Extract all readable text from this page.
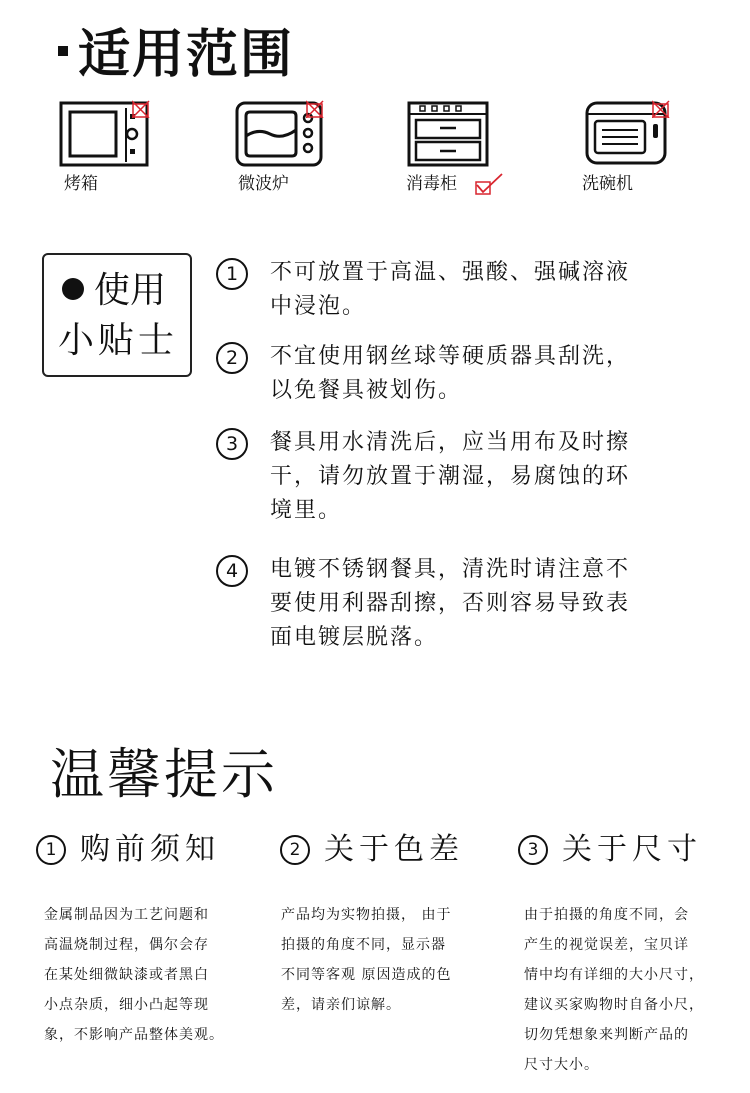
适用范围
烤箱	微波炉	消毒柜	洗碗机
使用
小贴士
1	不可放置于高温、强酸、强碱溶液
中浸泡。
2	不宜使用钢丝球等硬质器具刮洗，
以免餐具被划伤。
3	餐具用水清洗后，应当用布及时擦
干，请勿放置于潮湿，易腐蚀的环
境里。
4	电镀不锈钢餐具，清洗时请注意不
要使用利器刮擦，否则容易导致表
面电镀层脱落。
温馨提示
1 购前须知	2 关于色差	3 关于尺寸
金属制品因为工艺问题和
高温烧制过程，偶尔会存
在某处细微缺漆或者黑白
小点杂质，细小凸起等现
象，不影响产品整体美观。
产品均为实物拍摄， 由于
拍摄的角度不同，显示器
不同等客观 原因造成的色
差，请亲们谅解。
由于拍摄的角度不同，会
产生的视觉误差，宝贝详
情中均有详细的大小尺寸，
建议买家购物时自备小尺，
切勿凭想象来判断产品的
尺寸大小。
